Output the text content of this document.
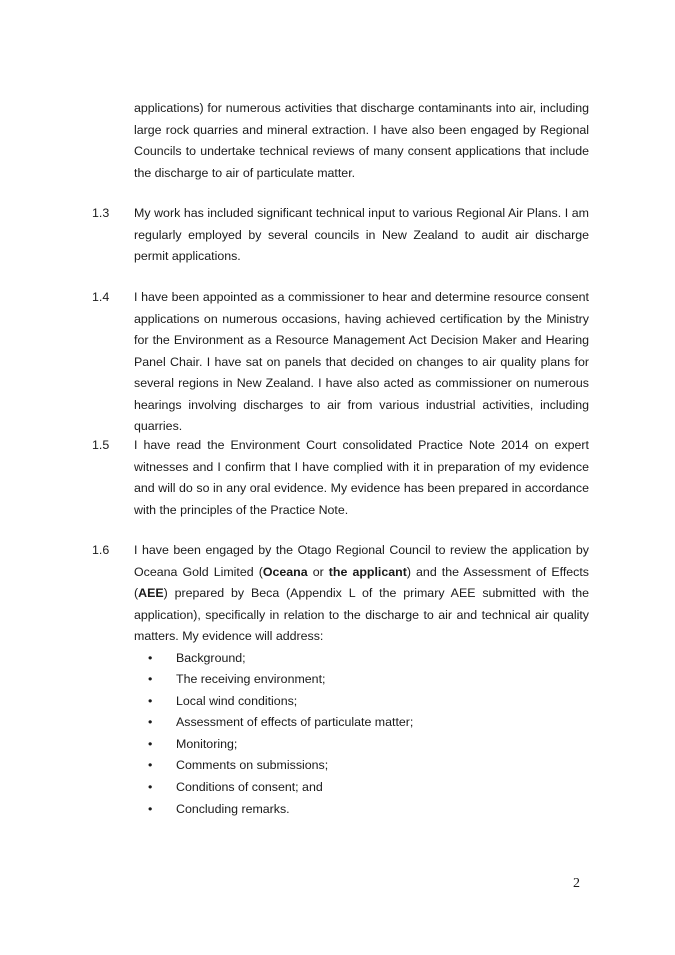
applications) for numerous activities that discharge contaminants into air, including large rock quarries and mineral extraction. I have also been engaged by Regional Councils to undertake technical reviews of many consent applications that include the discharge to air of particulate matter.
1.3	My work has included significant technical input to various Regional Air Plans. I am regularly employed by several councils in New Zealand to audit air discharge permit applications.
1.4	I have been appointed as a commissioner to hear and determine resource consent applications on numerous occasions, having achieved certification by the Ministry for the Environment as a Resource Management Act Decision Maker and Hearing Panel Chair. I have sat on panels that decided on changes to air quality plans for several regions in New Zealand. I have also acted as commissioner on numerous hearings involving discharges to air from various industrial activities, including quarries.
1.5	I have read the Environment Court consolidated Practice Note 2014 on expert witnesses and I confirm that I have complied with it in preparation of my evidence and will do so in any oral evidence. My evidence has been prepared in accordance with the principles of the Practice Note.
1.6	I have been engaged by the Otago Regional Council to review the application by Oceana Gold Limited (Oceana or the applicant) and the Assessment of Effects (AEE) prepared by Beca (Appendix L of the primary AEE submitted with the application), specifically in relation to the discharge to air and technical air quality matters. My evidence will address:
• Background;
• The receiving environment;
• Local wind conditions;
• Assessment of effects of particulate matter;
• Monitoring;
• Comments on submissions;
• Conditions of consent; and
• Concluding remarks.
2
